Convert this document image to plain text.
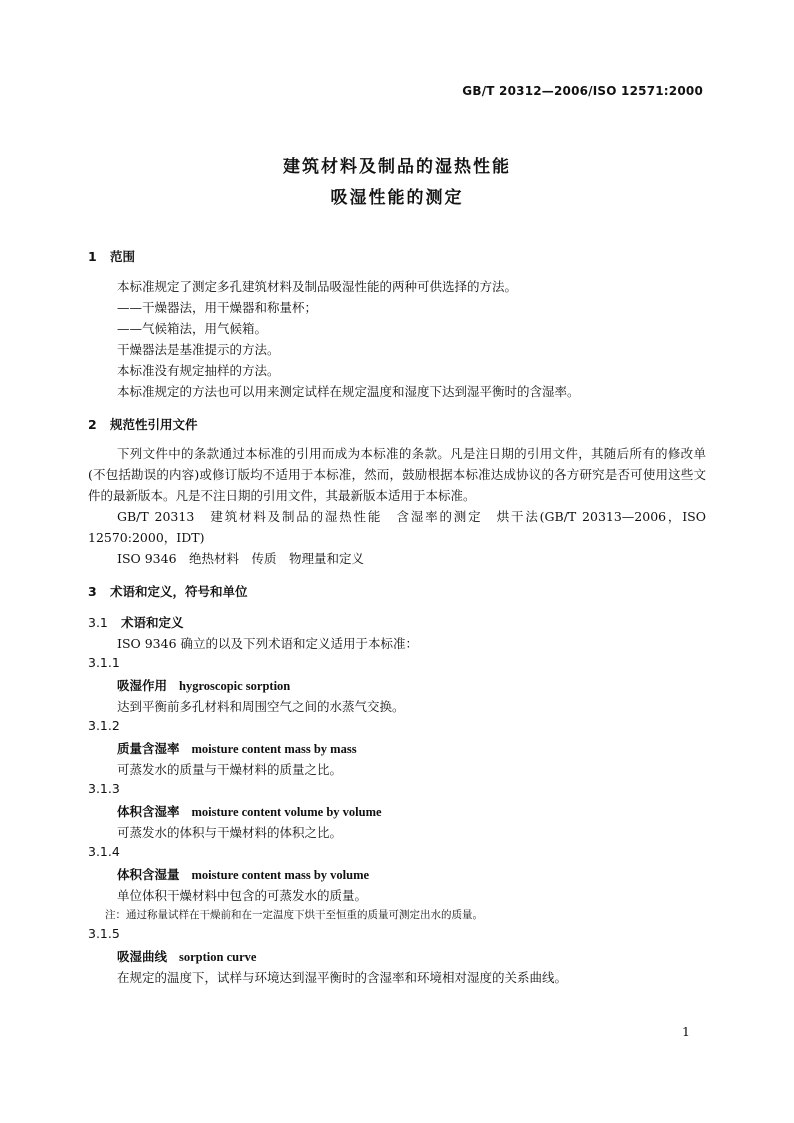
GB/T 20312—2006/ISO 12571:2000
建筑材料及制品的湿热性能
吸湿性能的测定
1 范围
本标准规定了测定多孔建筑材料及制品吸湿性能的两种可供选择的方法。
——干燥器法，用干燥器和称量杯；
——气候箱法，用气候箱。
干燥器法是基准提示的方法。
本标准没有规定抽样的方法。
本标准规定的方法也可以用来测定试样在规定温度和湿度下达到湿平衡时的含湿率。
2 规范性引用文件
下列文件中的条款通过本标准的引用而成为本标准的条款。凡是注日期的引用文件，其随后所有的修改单(不包括勘误的内容)或修订版均不适用于本标准，然而，鼓励根据本标准达成协议的各方研究是否可使用这些文件的最新版本。凡是不注日期的引用文件，其最新版本适用于本标准。
GB/T 20313　建筑材料及制品的湿热性能　含湿率的测定　烘干法(GB/T 20313—2006，ISO 12570:2000，IDT)
ISO 9346　绝热材料　传质　物理量和定义
3 术语和定义，符号和单位
3.1 术语和定义
ISO 9346 确立的以及下列术语和定义适用于本标准：
3.1.1
吸湿作用 hygroscopic sorption
达到平衡前多孔材料和周围空气之间的水蒸气交换。
3.1.2
质量含湿率 moisture content mass by mass
可蒸发水的质量与干燥材料的质量之比。
3.1.3
体积含湿率 moisture content volume by volume
可蒸发水的体积与干燥材料的体积之比。
3.1.4
体积含湿量 moisture content mass by volume
单位体积干燥材料中包含的可蒸发水的质量。
注：通过称量试样在干燥前和在一定温度下烘干至恒重的质量可测定出水的质量。
3.1.5
吸湿曲线 sorption curve
在规定的温度下，试样与环境达到湿平衡时的含湿率和环境相对湿度的关系曲线。
1
